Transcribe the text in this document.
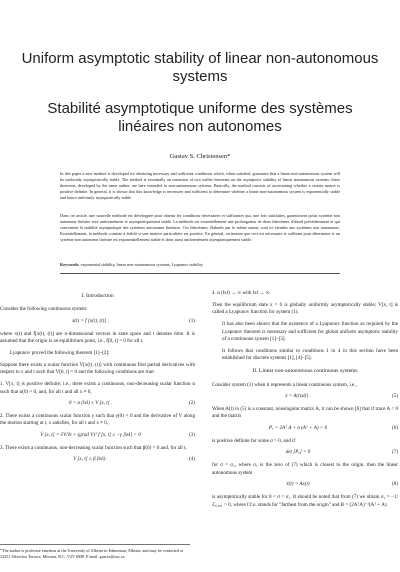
Uniform asymptotic stability of linear non-autonomous systems
Stabilité asymptotique uniforme des systèmes linéaires non autonomes
Gustav S. Christensen*
In this paper a new method is developed for obtaining necessary and sufficient conditions which, when satisfied, guarantee that a linear non-autonomous system will be uniformly asymptotically stable. The method is essentially an extension of two earlier theorems on the asymptotic stability of linear autonomous systems; these theorems, developed by the same author, are here extended to non-autonomous systems. Basically, the method consists of ascertaining whether a certain matrix is positive definite. In general, it is shown that this knowledge is necessary and sufficient to determine whether a linear non-autonomous system is exponentially stable and hence uniformly asymptotically stable.
Dans cet article, une nouvelle méthode est développée pour obtenir les conditions nécessaires et suffisantes qui, une fois satisfaites, garantissent qu'un système non autonome linéaire sera uniformément et asymptotiquement stable. La méthode est essentiellement une prolongation de deux théorèmes d'abord précédemment et qui concernent la stabilité asymptotique des systèmes autonomes linéaires. Ces théorèmes, élaborés par le même auteur, sont ici étendus aux systèmes non autonomes. Essentiellement, la méthode consiste à établir si une matrice particulière est positive. En général, on montre que ceci est nécessaire et suffisant pour déterminer si un système non autonome linéaire est exponentiellement stable et donc aussi uniformément asymptotiquement stable.
Keywords: exponential stability, linear non-autonomous systems, Lyapunov stability
I. Introduction
Consider the following continuous system:
ẋ(t) = f [x(t), (t)] ,	(1)
where x(t) and f[x(t), (t)] are n-dimensional vectors in state space and t denotes time. It is assumed that the origin is an equilibrium point, i.e., f[0, t] = 0 for all t.
Lyapunov proved the following theorem [1]–[2]:
Suppose there exists a scalar function V[x(t), (t)] with continuous first partial derivatives with respect to x and t such that V[0, t] = 0 and the following conditions are true:
1. V[x, t] is positive definite; i.e., there exists a continuous, non-decreasing scalar function α such that α(0) = 0, and, for all t and all x ≠ 0,
0 < α (‖x‖) ≤ V [x, t] .	(2)
2. There exists a continuous scalar function γ such that γ(0) = 0 and the derivative of V along the motion starting at t, x satisfies, for all t and x ≠ 0,
V̇ [x, t] = ∂V/∂t + (grad V)ᵀ f [x, t] ≤ −γ [‖x‖] < 0	(3)
3. There exists a continuous, non-decreasing scalar function such that β(0) = 0 and, for all t,
V [x, t] ≤ β (‖x‖) .	(4)
4. α (‖x‖) → ∞ with ‖x‖ → ∞.
Then the equilibrium state x = 0 is globally uniformly asymptotically stable; V[x, t] is called a Lyapunov function for system (1).
It has also been shown that the existence of a Lyapunov function as required by the Lyapunov theorem is necessary and sufficient for global uniform asymptotic stability of a continuous system [1]–[3].
It follows that conditions similar to conditions 1 to 4 in this section have been established for discrete systems [1], [4]–[5].
II. Linear non-autonomous continuous systems
Consider system (1) when it represents a linear continuous system, i.e.,
ẋ = A(t)x(t) .	(5)
When A(t) in (5) is a constant, nonsingular matrix A, it can be shown [6] that if trace A < 0 and the matrix
Pₓ = 2Aᵀ A + σ (Aᵀ + A) > 0	(6)
is positive definite for some σ > 0, and if
det [Pₓ] = 0	(7)
for σ = σ₁, where σ₁ is the zero of (7) which is closest to the origin, then the linear autonomous system
ẋ(t) = Ax(t)	(8)
is asymptotically stable for 0 < σ < σ₁. It should be noted that from (7) we obtain σ₁ = −1/λ̄ₓ₁₀ₓ₁ > 0, where f.f.o. stands for "farthest from the origin" and B = (2AᵀA)⁻¹(Aᵀ + A).
*The author is professor emeritus at the University of Alberta in Edmonton, Alberta, and may be contacted at 32251 Silverfox Terrace, Mission, B.C. V2V 6M8. E-mail: gustav@uss.ca
